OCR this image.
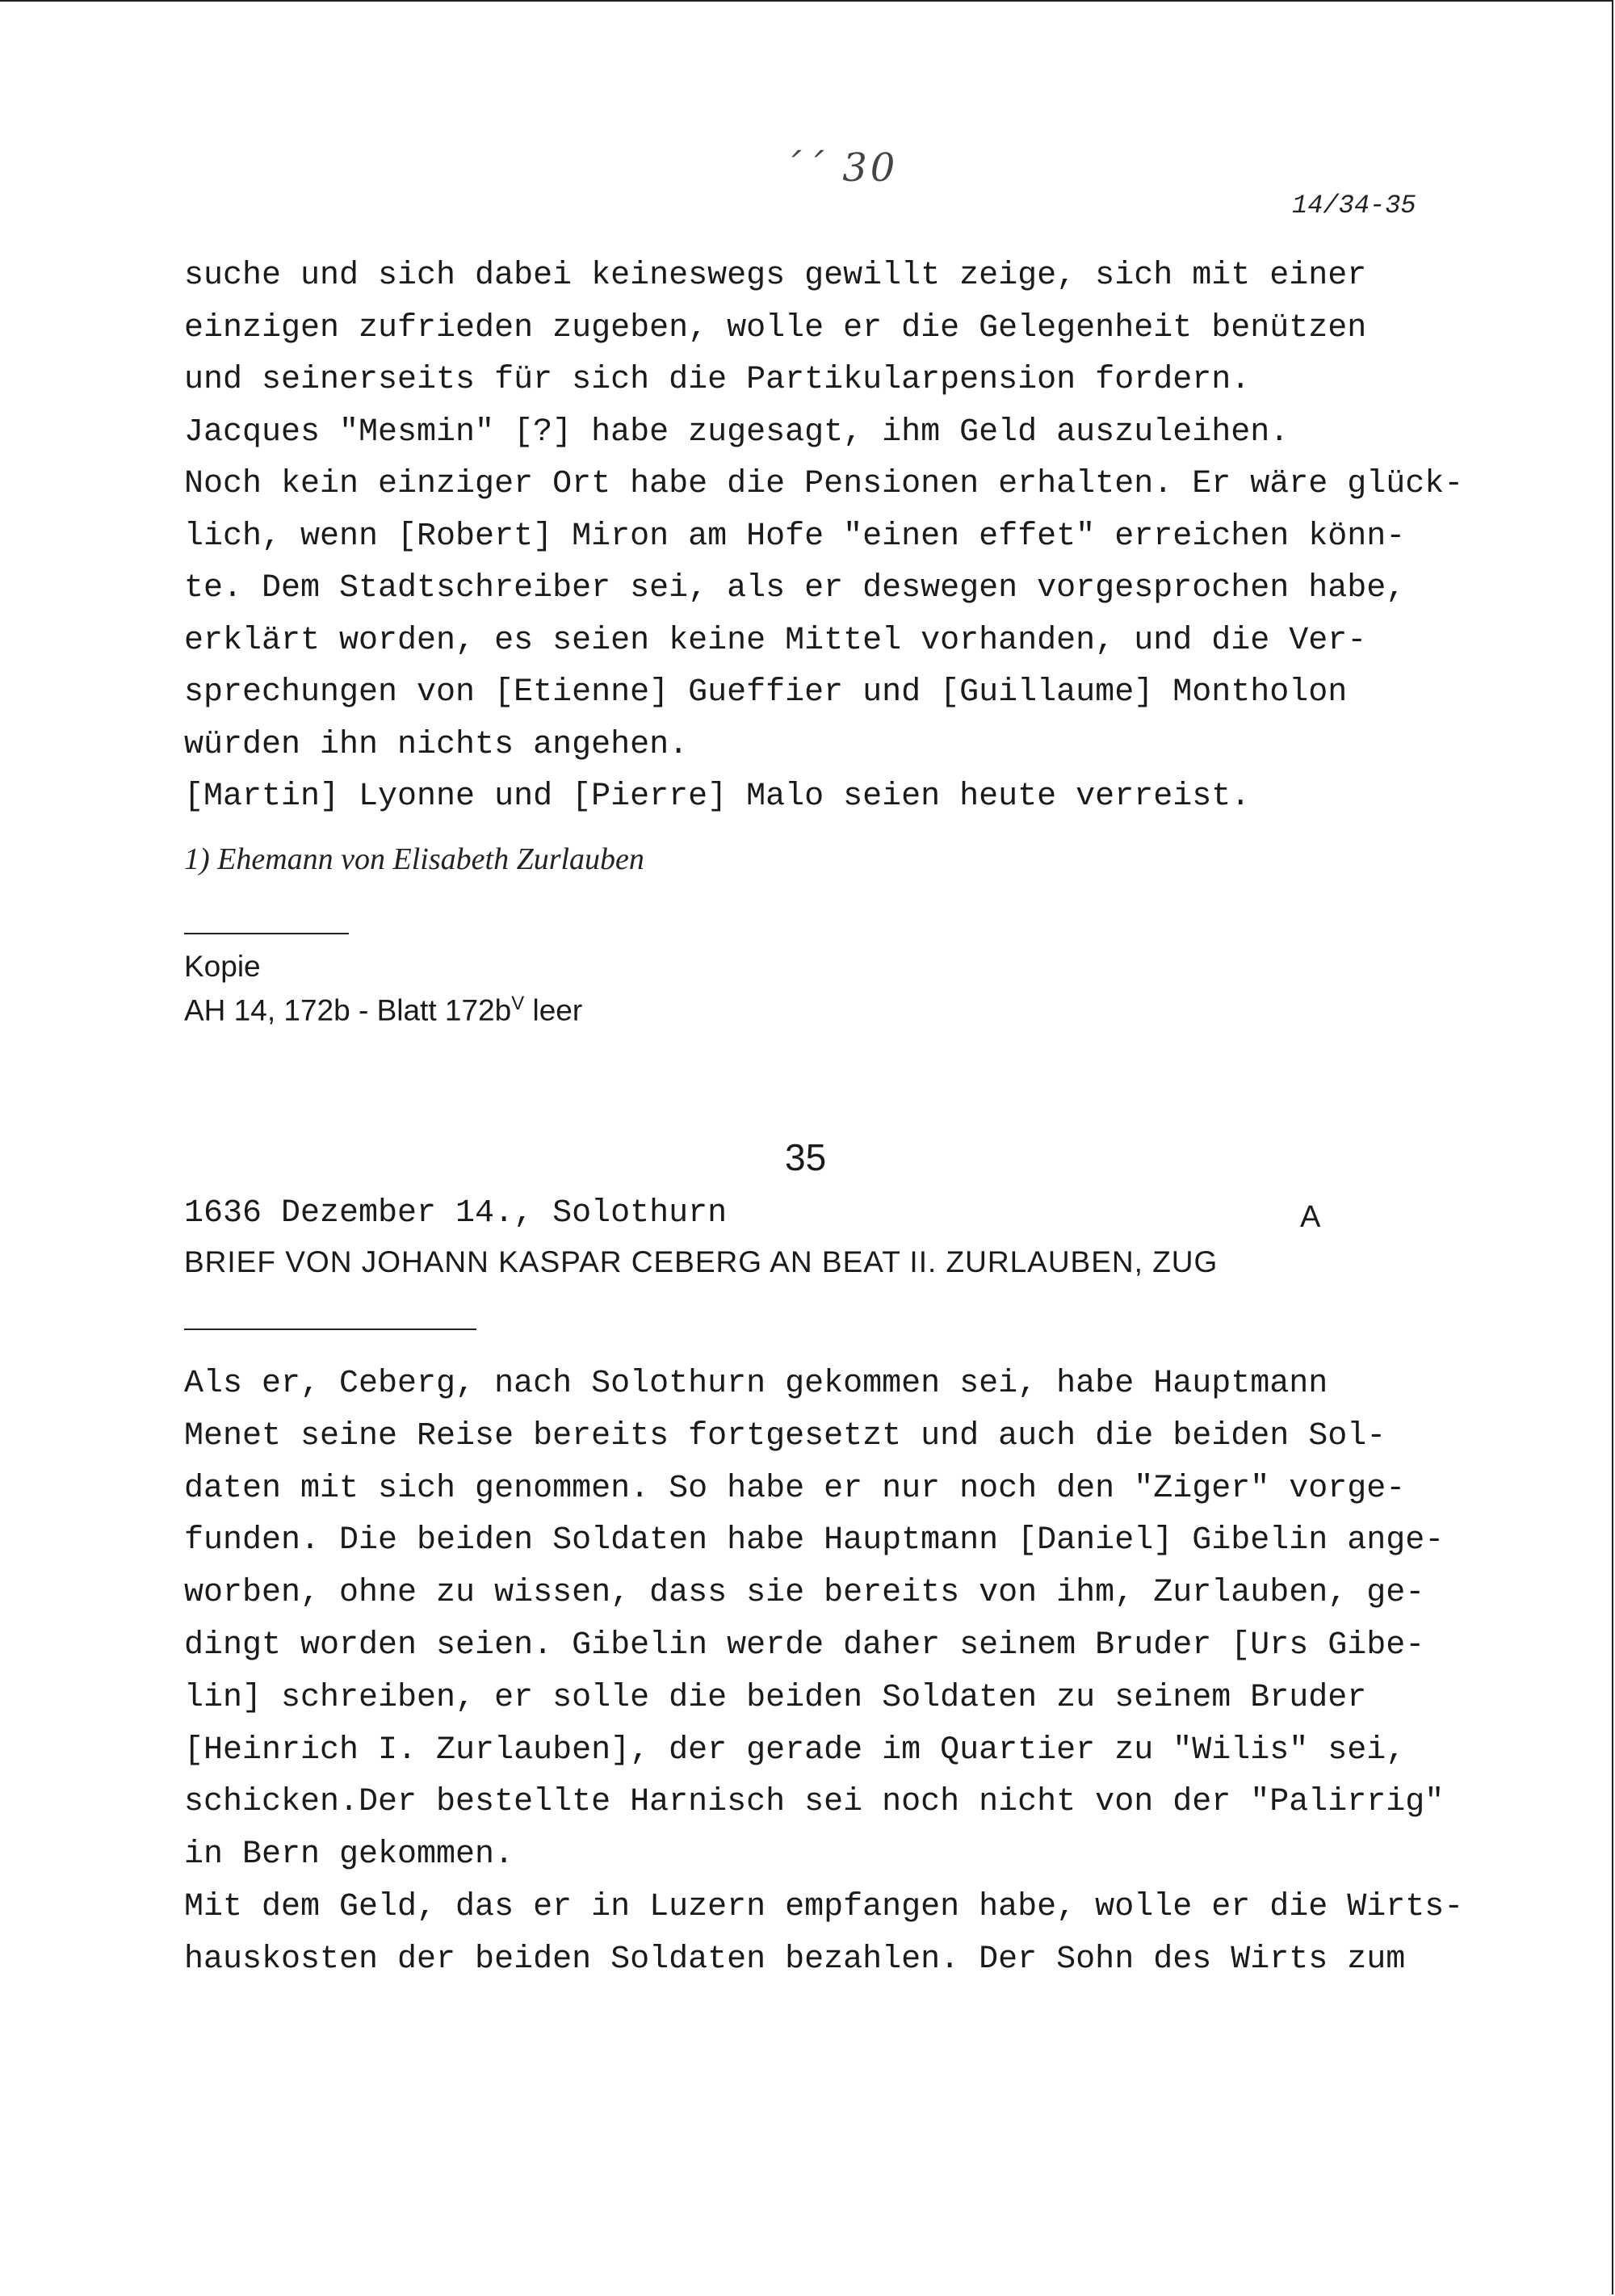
´´ 30
14/34-35
suche und sich dabei keineswegs gewillt zeige, sich mit einer
einzigen zufrieden zugeben, wolle er die Gelegenheit benützen
und seinerseits für sich die Partikularpension fordern.
Jacques "Mesmin" [?] habe zugesagt, ihm Geld auszuleihen.
Noch kein einziger Ort habe die Pensionen erhalten. Er wäre glück-
lich, wenn [Robert] Miron am Hofe "einen effet" erreichen könn-
te. Dem Stadtschreiber sei, als er deswegen vorgesprochen habe,
erklärt worden, es seien keine Mittel vorhanden, und die Ver-
sprechungen von [Etienne] Gueffier und [Guillaume] Montholon
würden ihn nichts angehen.
[Martin] Lyonne und [Pierre] Malo seien heute verreist.
1) Ehemann von Elisabeth Zurlauben
Kopie
AH 14, 172b - Blatt $172b^V$ leer
35
1636 Dezember 14., Solothurn	A
BRIEF VON JOHANN KASPAR CEBERG AN BEAT II. ZURLAUBEN, ZUG
Als er, Ceberg, nach Solothurn gekommen sei, habe Hauptmann
Menet seine Reise bereits fortgesetzt und auch die beiden Sol-
daten mit sich genommen. So habe er nur noch den "Ziger" vorge-
funden. Die beiden Soldaten habe Hauptmann [Daniel] Gibelin ange-
worben, ohne zu wissen, dass sie bereits von ihm, Zurlauben, ge-
dingt worden seien. Gibelin werde daher seinem Bruder [Urs Gibe-
lin] schreiben, er solle die beiden Soldaten zu seinem Bruder
[Heinrich I. Zurlauben], der gerade im Quartier zu "Wilis" sei,
schicken.Der bestellte Harnisch sei noch nicht von der "Palirrig"
in Bern gekommen.
Mit dem Geld, das er in Luzern empfangen habe, wolle er die Wirts-
hauskosten der beiden Soldaten bezahlen. Der Sohn des Wirts zum
